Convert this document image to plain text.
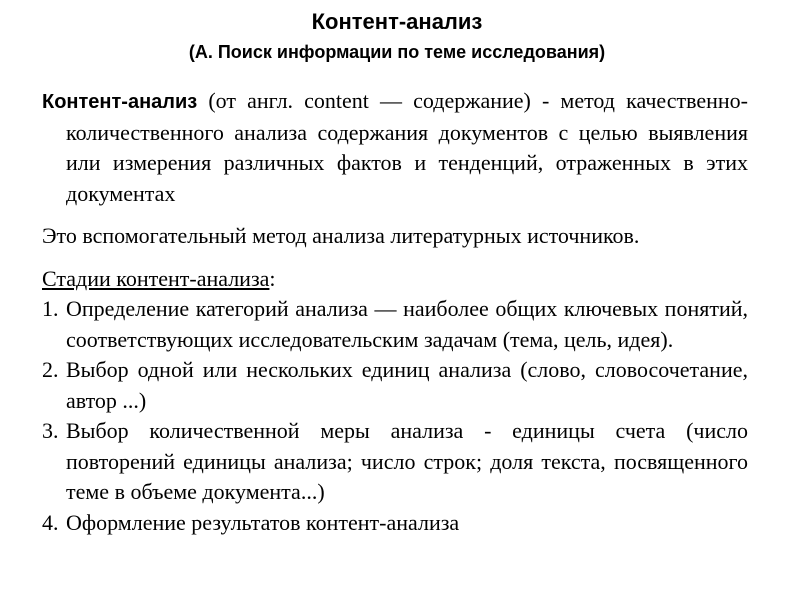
Контент-анализ
(А. Поиск информации по теме исследования)

Контент-анализ (от англ. content — содержание) - метод качественно-количественного анализа содержания документов с целью выявления или измерения различных фактов и тенденций, отраженных в этих документах

Это вспомогательный метод анализа литературных источников.

Стадии контент-анализа:

1. Определение категорий анализа — наиболее общих ключевых понятий, соответствующих исследовательским задачам (тема, цель, идея).
2. Выбор одной или нескольких единиц анализа (слово, словосочетание, автор ...)
3. Выбор количественной меры анализа - единицы счета (число повторений единицы анализа; число строк; доля текста, посвященного теме в объеме документа...)
4. Оформление результатов контент-анализа
